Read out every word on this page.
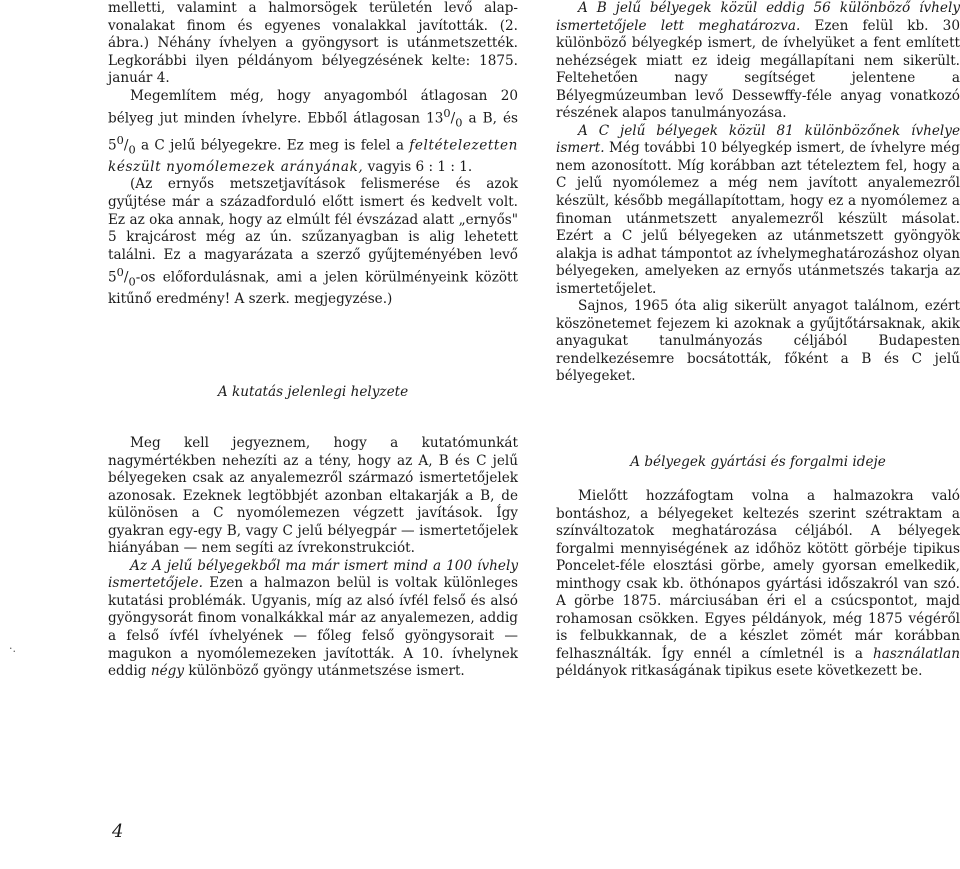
melletti, valamint a halmorsögek területén levő alap-vonalakat finom és egyenes vonalakkal javították. (2. ábra.) Néhány ívhelyen a gyöngysort is utánmetszették. Legkorábbi ilyen példányom bélyegzésének kelte: 1875. január 4.

Megemlítem még, hogy anyagomból átlagosan 20 bélyeg jut minden ívhelyre. Ebből átlagosan $13^0/_0$ a B, és $5^0/_0$ a C jelű bélyegekre. Ez meg is felel a feltételezetten készült nyomólemezek arányának, vagyis 6 : 1 : 1.

(Az ernyős metszetjavítások felismerése és azok gyűjtése már a századforduló előtt ismert és kedvelt volt. Ez az oka annak, hogy az elmúlt fél évszázad alatt „ernyős" 5 krajcárost még az ún. szűzanyagban is alig lehetett találni. Ez a magyarázata a szerző gyűjteményében levő $5^0/_0-os$ előfordulásnak, ami a jelen körülményeink között kitűnő eredmény! A szerk. megjegyzése.)

A kutatás jelenlegi helyzete

Meg kell jegyeznem, hogy a kutatómunkát nagymértékben nehezíti az a tény, hogy az A, B és C jelű bélyegeken csak az anyalemezről származó ismertetőjelek azonosak. Ezeknek legtöbbjét azonban eltakarják a B, de különösen a C nyomólemezen végzett javítások. Így gyakran egy-egy B, vagy C jelű bélyegpár — ismertetőjelek hiányában — nem segíti az ívrekonstrukciót.

Az A jelű bélyegekből ma már ismert mind a 100 ívhely ismertetőjele. Ezen a halmazon belül is voltak különleges kutatási problémák. Ugyanis, míg az alsó ívfél felső és alsó gyöngysorát finom vonalkákkal már az anyalemezen, addig a felső ívfél ívhelyének — főleg felső gyöngysorait — magukon a nyomólemezeken javították. A 10. ívhelynek eddig négy különböző gyöngy utánmetszése ismert.

A B jelű bélyegek közül eddig 56 különböző ívhely ismertetőjele lett meghatározva. Ezen felül kb. 30 különböző bélyegkép ismert, de ívhelyüket a fent említett nehézségek miatt ez ideig megállapítani nem sikerült. Feltehetően nagy segítséget jelentene a Bélyegmúzeumban levő Dessewffy-féle anyag vonatkozó részének alapos tanulmányozása.

A C jelű bélyegek közül 81 különbözőnek ívhelye ismert. Még további 10 bélyegkép ismert, de ívhelyre még nem azonosított. Míg korábban azt tételeztem fel, hogy a C jelű nyomólemez a még nem javított anyalemezről készült, később megállapítottam, hogy ez a nyomólemez a finoman utánmetszett anyalemezről készült másolat. Ezért a C jelű bélyegeken az utánmetszett gyöngyök alakja is adhat támpontot az ívhelymeghatározáshoz olyan bélyegeken, amelyeken az ernyős utánmetszés takarja az ismertetőjelet.

Sajnos, 1965 óta alig sikerült anyagot találnom, ezért köszönetemet fejezem ki azoknak a gyűjtőtársaknak, akik anyagukat tanulmányozás céljából Budapesten rendelkezésemre bocsátották, főként a B és C jelű bélyegeket.

A bélyegek gyártási és forgalmi ideje

Mielőtt hozzáfogtam volna a halmazokra való bontáshoz, a bélyegeket keltezés szerint szétraktam a színváltozatok meghatározása céljából. A bélyegek forgalmi mennyiségének az időhöz kötött görbéje tipikus Poncelet-féle elosztási görbe, amely gyorsan emelkedik, minthogy csak kb. öthónapos gyártási időszakról van szó. A görbe 1875. márciusában éri el a csúcspontot, majd rohamosan csökken. Egyes példányok, még 1875 végéről is felbukkannak, de a készlet zömét már korábban felhasználták. Így ennél a címletnél is a használatlan példányok ritkaságának tipikus esete következett be.

4
·.
